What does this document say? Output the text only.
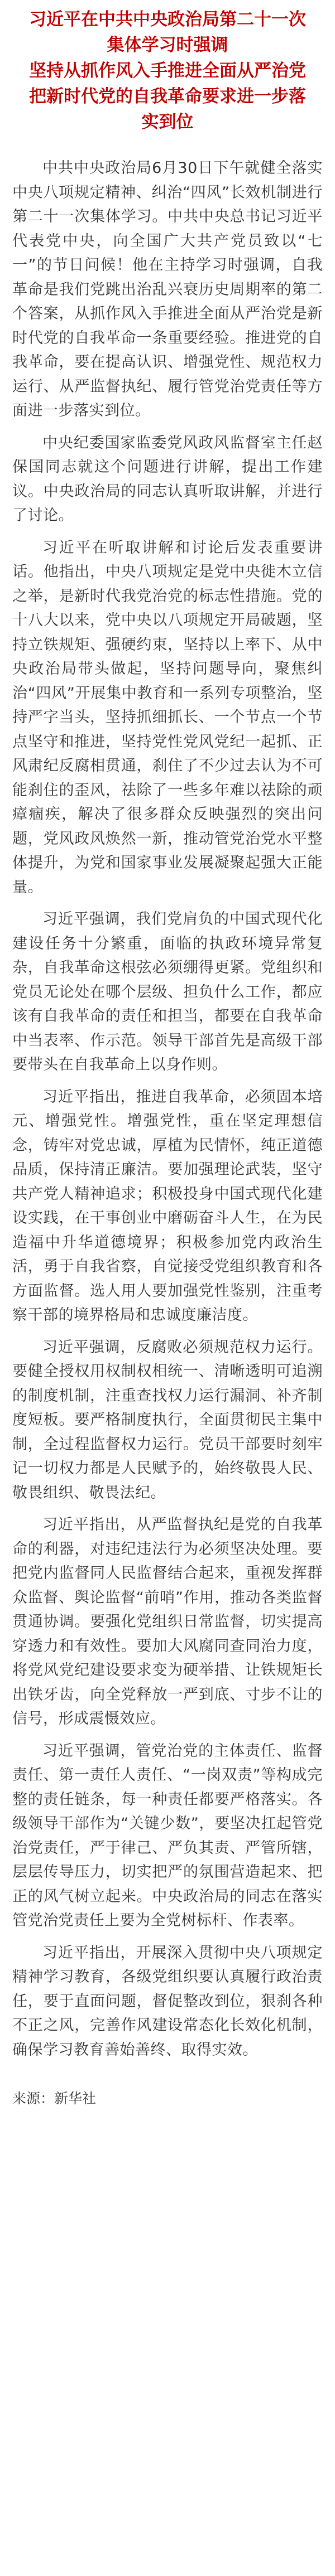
习近平在中共中央政治局第二十一次
集体学习时强调
坚持从抓作风入手推进全面从严治党
把新时代党的自我革命要求进一步落
实到位

中共中央政治局6月30日下午就健全落实中央八项规定精神、纠治“四风”长效机制进行第二十一次集体学习。中共中央总书记习近平代表党中央，向全国广大共产党员致以“七一”的节日问候！他在主持学习时强调，自我革命是我们党跳出治乱兴衰历史周期率的第二个答案，从抓作风入手推进全面从严治党是新时代党的自我革命一条重要经验。推进党的自我革命，要在提高认识、增强党性、规范权力运行、从严监督执纪、履行管党治党责任等方面进一步落实到位。

中央纪委国家监委党风政风监督室主任赵保国同志就这个问题进行讲解，提出工作建议。中央政治局的同志认真听取讲解，并进行了讨论。

习近平在听取讲解和讨论后发表重要讲话。他指出，中央八项规定是党中央徙木立信之举，是新时代我党治党的标志性措施。党的十八大以来，党中央以八项规定开局破题，坚持立铁规矩、强硬约束，坚持以上率下、从中央政治局带头做起，坚持问题导向，聚焦纠治“四风”开展集中教育和一系列专项整治，坚持严字当头，坚持抓细抓长、一个节点一个节点坚守和推进，坚持党性党风党纪一起抓、正风肃纪反腐相贯通，刹住了不少过去认为不可能刹住的歪风，祛除了一些多年难以祛除的顽瘴痼疾，解决了很多群众反映强烈的突出问题，党风政风焕然一新，推动管党治党水平整体提升，为党和国家事业发展凝聚起强大正能量。

习近平强调，我们党肩负的中国式现代化建设任务十分繁重，面临的执政环境异常复杂，自我革命这根弦必须绷得更紧。党组织和党员无论处在哪个层级、担负什么工作，都应该有自我革命的责任和担当，都要在自我革命中当表率、作示范。领导干部首先是高级干部要带头在自我革命上以身作则。

习近平指出，推进自我革命，必须固本培元、增强党性。增强党性，重在坚定理想信念，铸牢对党忠诚，厚植为民情怀，纯正道德品质，保持清正廉洁。要加强理论武装，坚守共产党人精神追求；积极投身中国式现代化建设实践，在干事创业中磨砺奋斗人生，在为民造福中升华道德境界；积极参加党内政治生活，勇于自我省察，自觉接受党组织教育和各方面监督。选人用人要加强党性鉴别，注重考察干部的境界格局和忠诚度廉洁度。

习近平强调，反腐败必须规范权力运行。要健全授权用权制权相统一、清晰透明可追溯的制度机制，注重查找权力运行漏洞、补齐制度短板。要严格制度执行，全面贯彻民主集中制，全过程监督权力运行。党员干部要时刻牢记一切权力都是人民赋予的，始终敬畏人民、敬畏组织、敬畏法纪。

习近平指出，从严监督执纪是党的自我革命的利器，对违纪违法行为必须坚决处理。要把党内监督同人民监督结合起来，重视发挥群众监督、舆论监督“前哨”作用，推动各类监督贯通协调。要强化党组织日常监督，切实提高穿透力和有效性。要加大风腐同查同治力度，将党风党纪建设要求变为硬举措、让铁规矩长出铁牙齿，向全党释放一严到底、寸步不让的信号，形成震慑效应。

习近平强调，管党治党的主体责任、监督责任、第一责任人责任、“一岗双责”等构成完整的责任链条，每一种责任都要严格落实。各级领导干部作为“关键少数”，要坚决扛起管党治党责任，严于律己、严负其责、严管所辖，层层传导压力，切实把严的氛围营造起来、把正的风气树立起来。中央政治局的同志在落实管党治党责任上要为全党树标杆、作表率。

习近平指出，开展深入贯彻中央八项规定精神学习教育，各级党组织要认真履行政治责任，要于直面问题，督促整改到位，狠刹各种不正之风，完善作风建设常态化长效化机制，确保学习教育善始善终、取得实效。

来源：新华社
